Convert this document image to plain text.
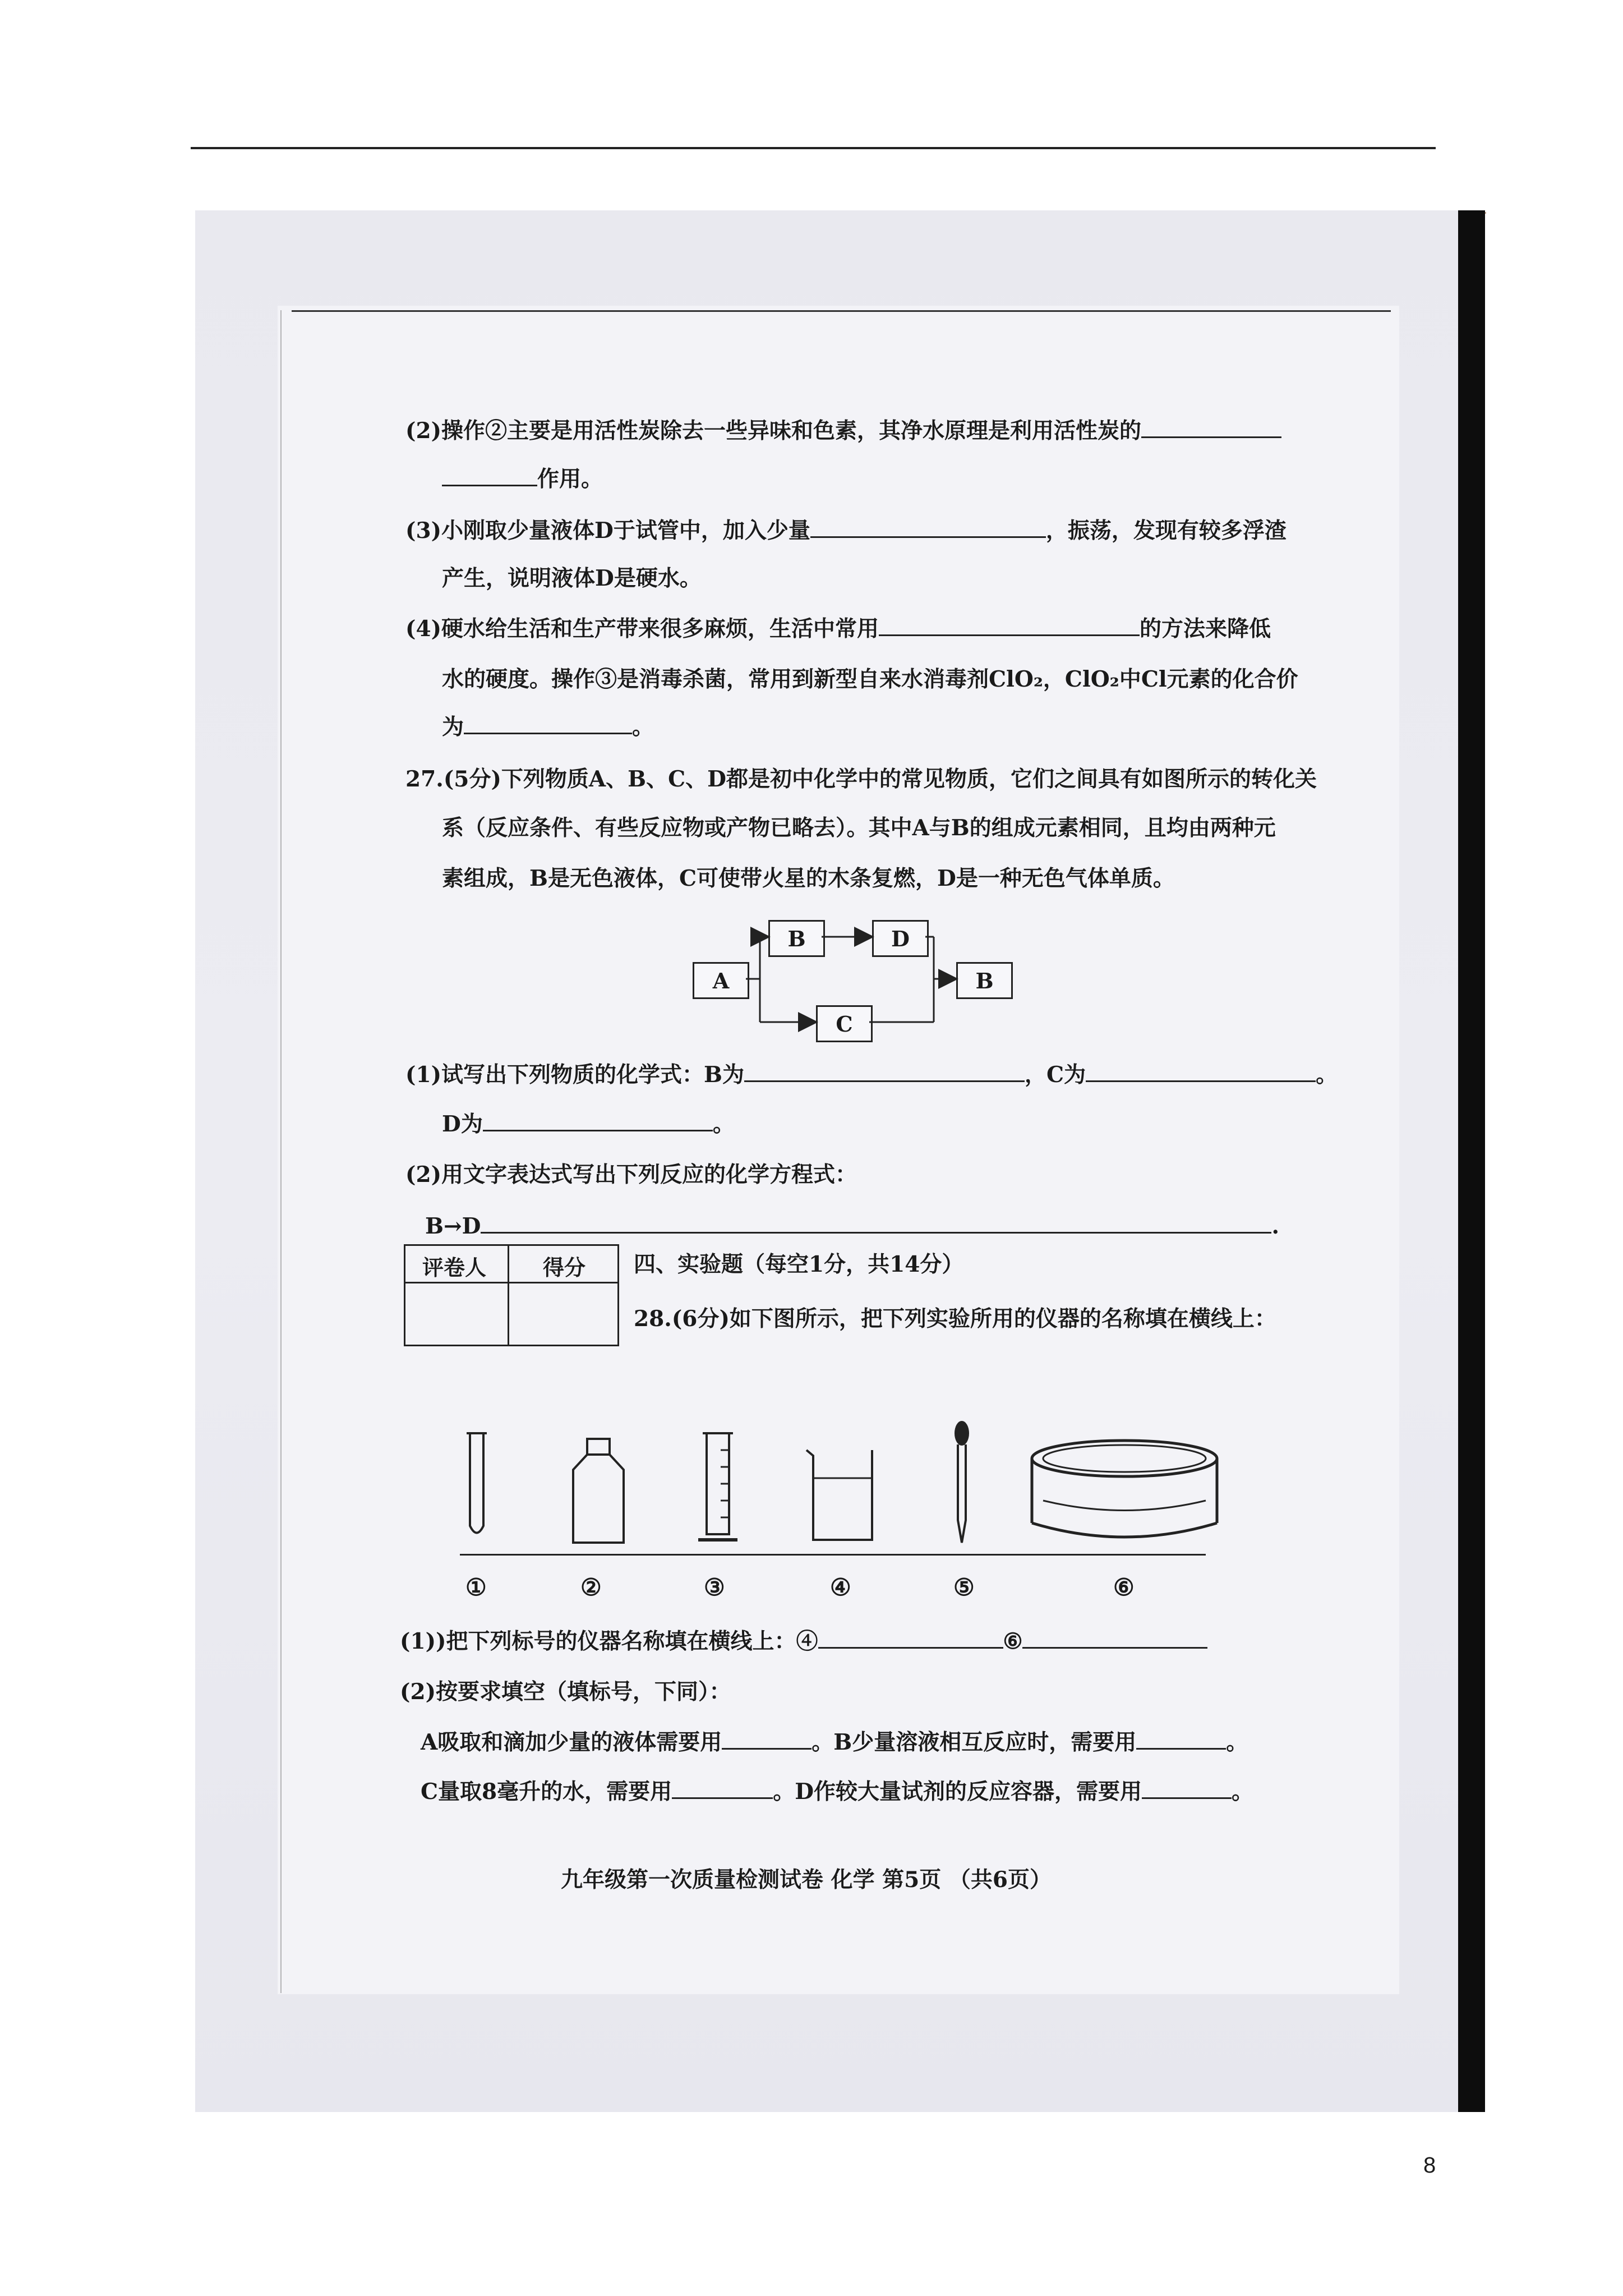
(2)操作②主要是用活性炭除去一些异味和色素，其净水原理是利用活性炭的
作用。
(3)小刚取少量液体D于试管中，加入少量	，振荡，发现有较多浮渣
产生，说明液体D是硬水。
(4)硬水给生活和生产带来很多麻烦，生活中常用	的方法来降低
水的硬度。操作③是消毒杀菌，常用到新型自来水消毒剂ClO₂，ClO₂中Cl元素的化合价
为	。
27.(5分)下列物质A、B、C、D都是初中化学中的常见物质，它们之间具有如图所示的转化关
系（反应条件、有些反应物或产物已略去）。其中A与B的组成元素相同，且均由两种元
素组成，B是无色液体，C可使带火星的木条复燃，D是一种无色气体单质。
A
B	D
C
B
(1)试写出下列物质的化学式：B为	，C为	。
D为	。
(2)用文字表达式写出下列反应的化学方程式：
B→D	.
评卷人	得分 四、实验题（每空1分，共14分）
28.(6分)如下图所示，把下列实验所用的仪器的名称填在横线上：
①	②	③	④	⑤	⑥
(1))把下列标号的仪器名称填在横线上：④	⑥
(2)按要求填空（填标号，下同）：
A吸取和滴加少量的液体需要用	。B少量溶液相互反应时，需要用	。
C量取8毫升的水，需要用	。D作较大量试剂的反应容器，需要用	。
九年级第一次质量检测试卷 化学 第5页 （共6页）
8
